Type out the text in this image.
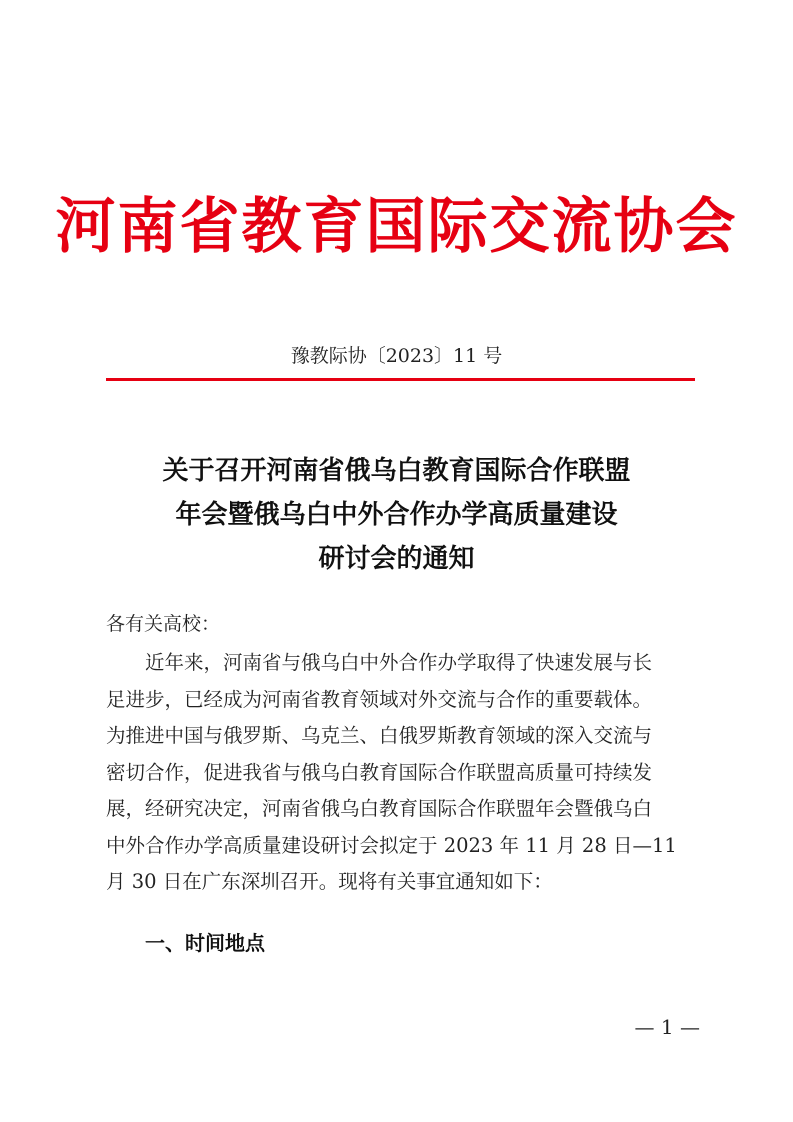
河南省教育国际交流协会
豫教际协〔2023〕11 号
关于召开河南省俄乌白教育国际合作联盟
年会暨俄乌白中外合作办学高质量建设
研讨会的通知
各有关高校：
近年来，河南省与俄乌白中外合作办学取得了快速发展与长
足进步，已经成为河南省教育领域对外交流与合作的重要载体。
为推进中国与俄罗斯、乌克兰、白俄罗斯教育领域的深入交流与
密切合作，促进我省与俄乌白教育国际合作联盟高质量可持续发
展，经研究决定，河南省俄乌白教育国际合作联盟年会暨俄乌白
中外合作办学高质量建设研讨会拟定于 2023 年 11 月 28 日—11
月 30 日在广东深圳召开。现将有关事宜通知如下：
一、时间地点
— 1 —
